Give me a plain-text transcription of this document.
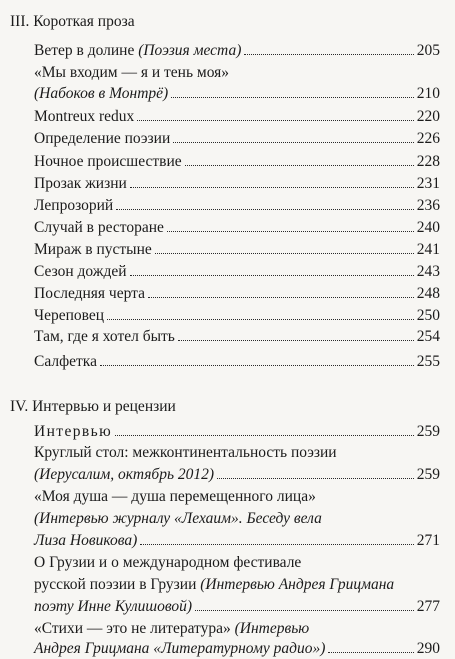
III. Короткая проза
Ветер в долине (Поэзия места)	205
«Мы входим — я и тень моя»
(Набоков в Монтрё)	210
Montreux redux	220
Определение поэзии	226
Ночное происшествие	228
Прозак жизни	231
Лепрозорий	236
Случай в ресторане	240
Мираж в пустыне	241
Сезон дождей	243
Последняя черта	248
Череповец	250
Там, где я хотел быть	254
Салфетка	255
IV. Интервью и рецензии
Интервью	259
Круглый стол: межконтинентальность поэзии
(Иерусалим, октябрь 2012)	259
«Моя душа — душа перемещенного лица»
(Интервью журналу «Лехаим». Беседу вела
Лиза Новикова)	271
О Грузии и о международном фестивале
русской поэзии в Грузии (Интервью Андрея Грицмана
поэту Инне Кулишовой)	277
«Стихи — это не литература» (Интервью
Андрея Грицмана «Литературному радио»)	290
